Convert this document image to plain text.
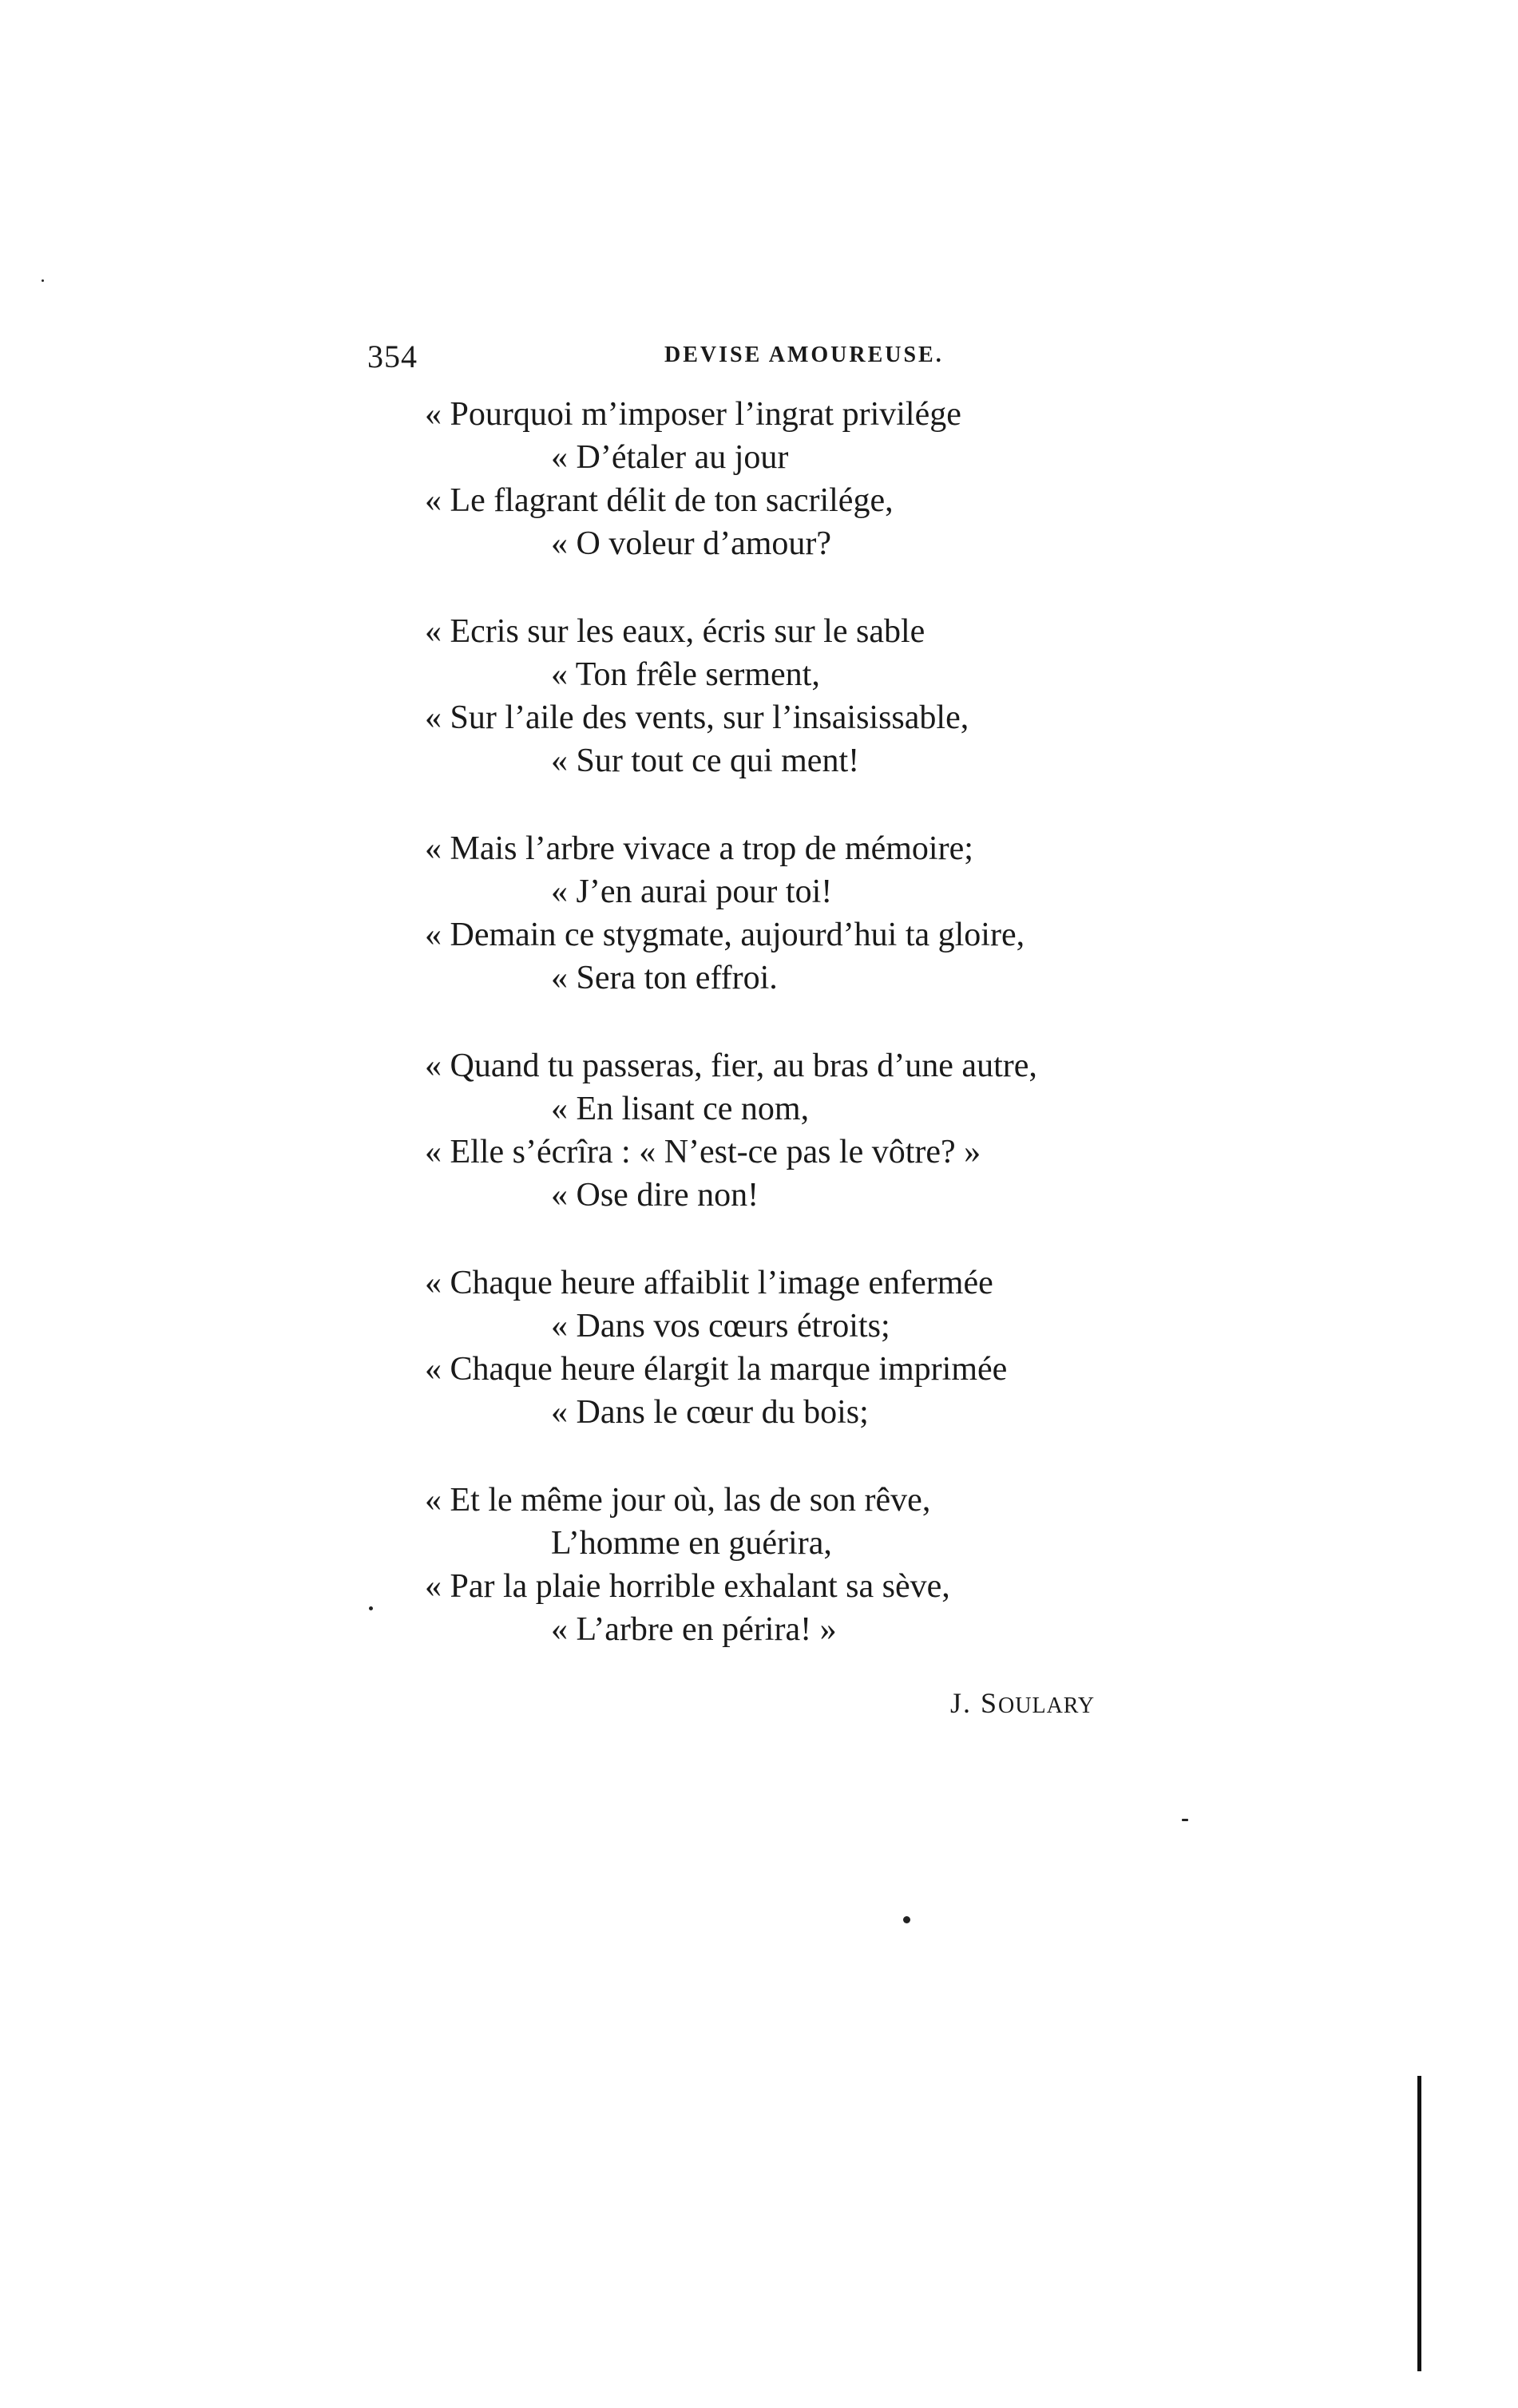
354	DEVISE AMOUREUSE.
« Pourquoi m’imposer l’ingrat privilége
« D’étaler au jour
« Le flagrant délit de ton sacrilége,
« O voleur d’amour?
« Ecris sur les eaux, écris sur le sable
« Ton frêle serment,
« Sur l’aile des vents, sur l’insaisissable,
« Sur tout ce qui ment!
« Mais l’arbre vivace a trop de mémoire;
« J’en aurai pour toi!
« Demain ce stygmate, aujourd’hui ta gloire,
« Sera ton effroi.
« Quand tu passeras, fier, au bras d’une autre,
« En lisant ce nom,
« Elle s’écrîra : « N’est-ce pas le vôtre? »
« Ose dire non!
« Chaque heure affaiblit l’image enfermée
« Dans vos cœurs étroits;
« Chaque heure élargit la marque imprimée
« Dans le cœur du bois;
« Et le même jour où, las de son rêve,
L’homme en guérira,
« Par la plaie horrible exhalant sa sève,
« L’arbre en périra! »
J. SOULARY
